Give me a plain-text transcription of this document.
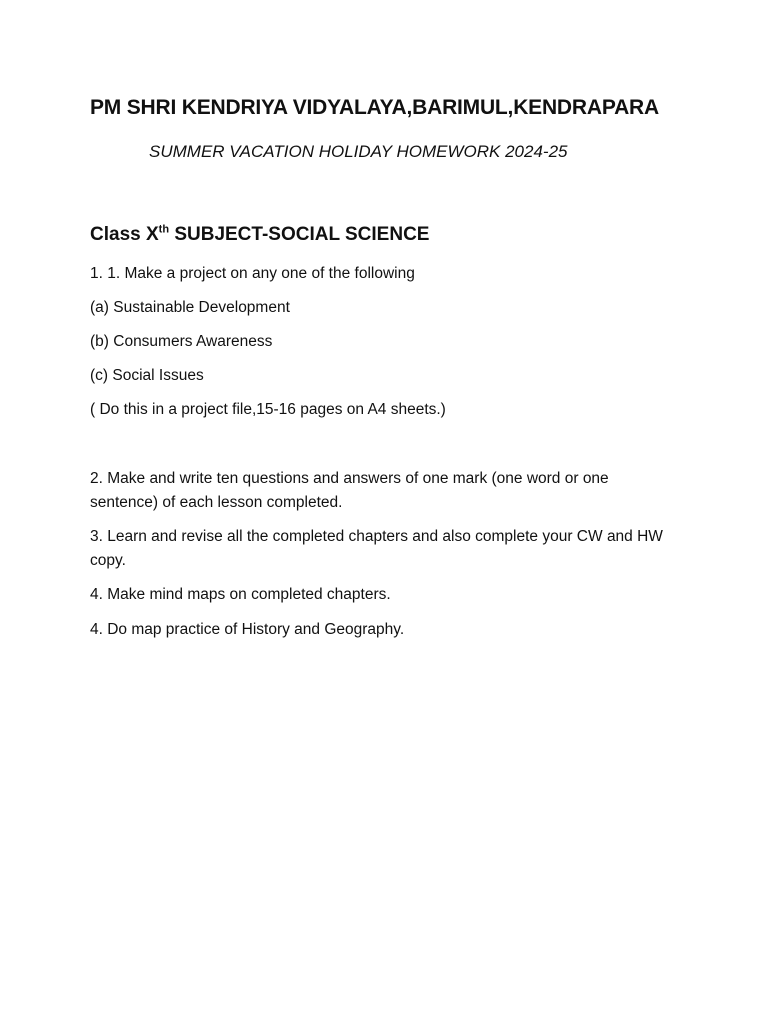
PM SHRI KENDRIYA VIDYALAYA,BARIMUL,KENDRAPARA
SUMMER VACATION HOLIDAY HOMEWORK 2024-25
Class Xth SUBJECT-SOCIAL SCIENCE
1. 1. Make a project on any one of the following
(a) Sustainable Development
(b) Consumers Awareness
(c) Social Issues
( Do this in a project file,15-16 pages on A4 sheets.)
2. Make and write ten questions and answers of one mark (one word or one sentence) of each lesson completed.
3. Learn and revise all the completed chapters and also complete your CW and HW copy.
4. Make mind maps on completed chapters.
4. Do map practice of History and Geography.
